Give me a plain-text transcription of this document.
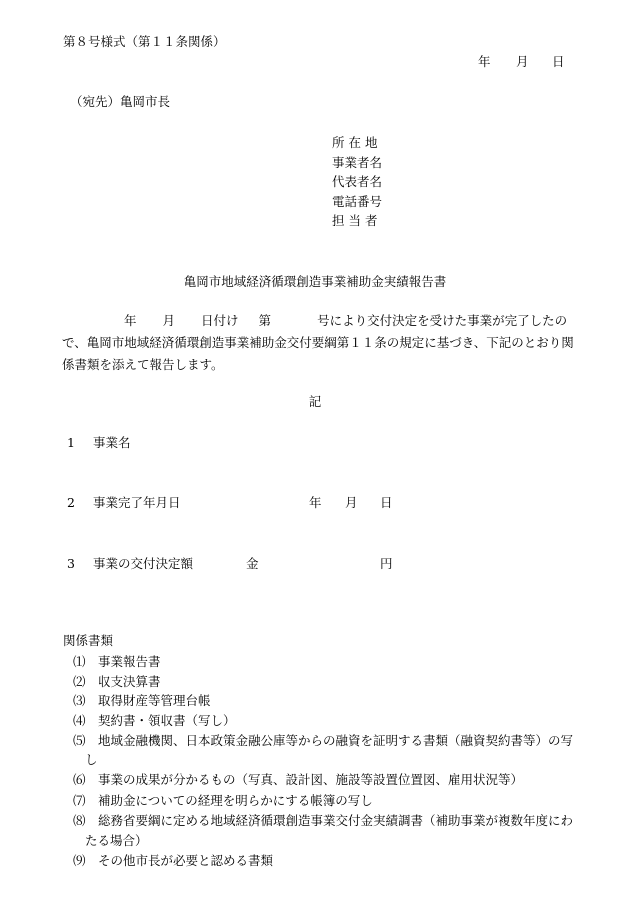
第８号様式（第１１条関係）
年 月 日
（宛先）亀岡市長
所 在 地
事業者名
代表者名
電話番号
担 当 者
亀岡市地域経済循環創造事業補助金実績報告書
年 月 日付け 第	号により交付決定を受けた事業が完了したの
で、亀岡市地域経済循環創造事業補助金交付要綱第１１条の規定に基づき、下記のとおり関
係書類を添えて報告します。
記
1 事業名
2 事業完了年月日	年 月 日
3 事業の交付決定額	金	円
関係書類
⑴ 事業報告書
⑵ 収支決算書
⑶ 取得財産等管理台帳
⑷ 契約書・領収書（写し）
⑸ 地域金融機関、日本政策金融公庫等からの融資を証明する書類（融資契約書等）の写
し
⑹ 事業の成果が分かるもの（写真、設計図、施設等設置位置図、雇用状況等）
⑺ 補助金についての経理を明らかにする帳簿の写し
⑻ 総務省要綱に定める地域経済循環創造事業交付金実績調書（補助事業が複数年度にわ
たる場合）
⑼ その他市長が必要と認める書類
